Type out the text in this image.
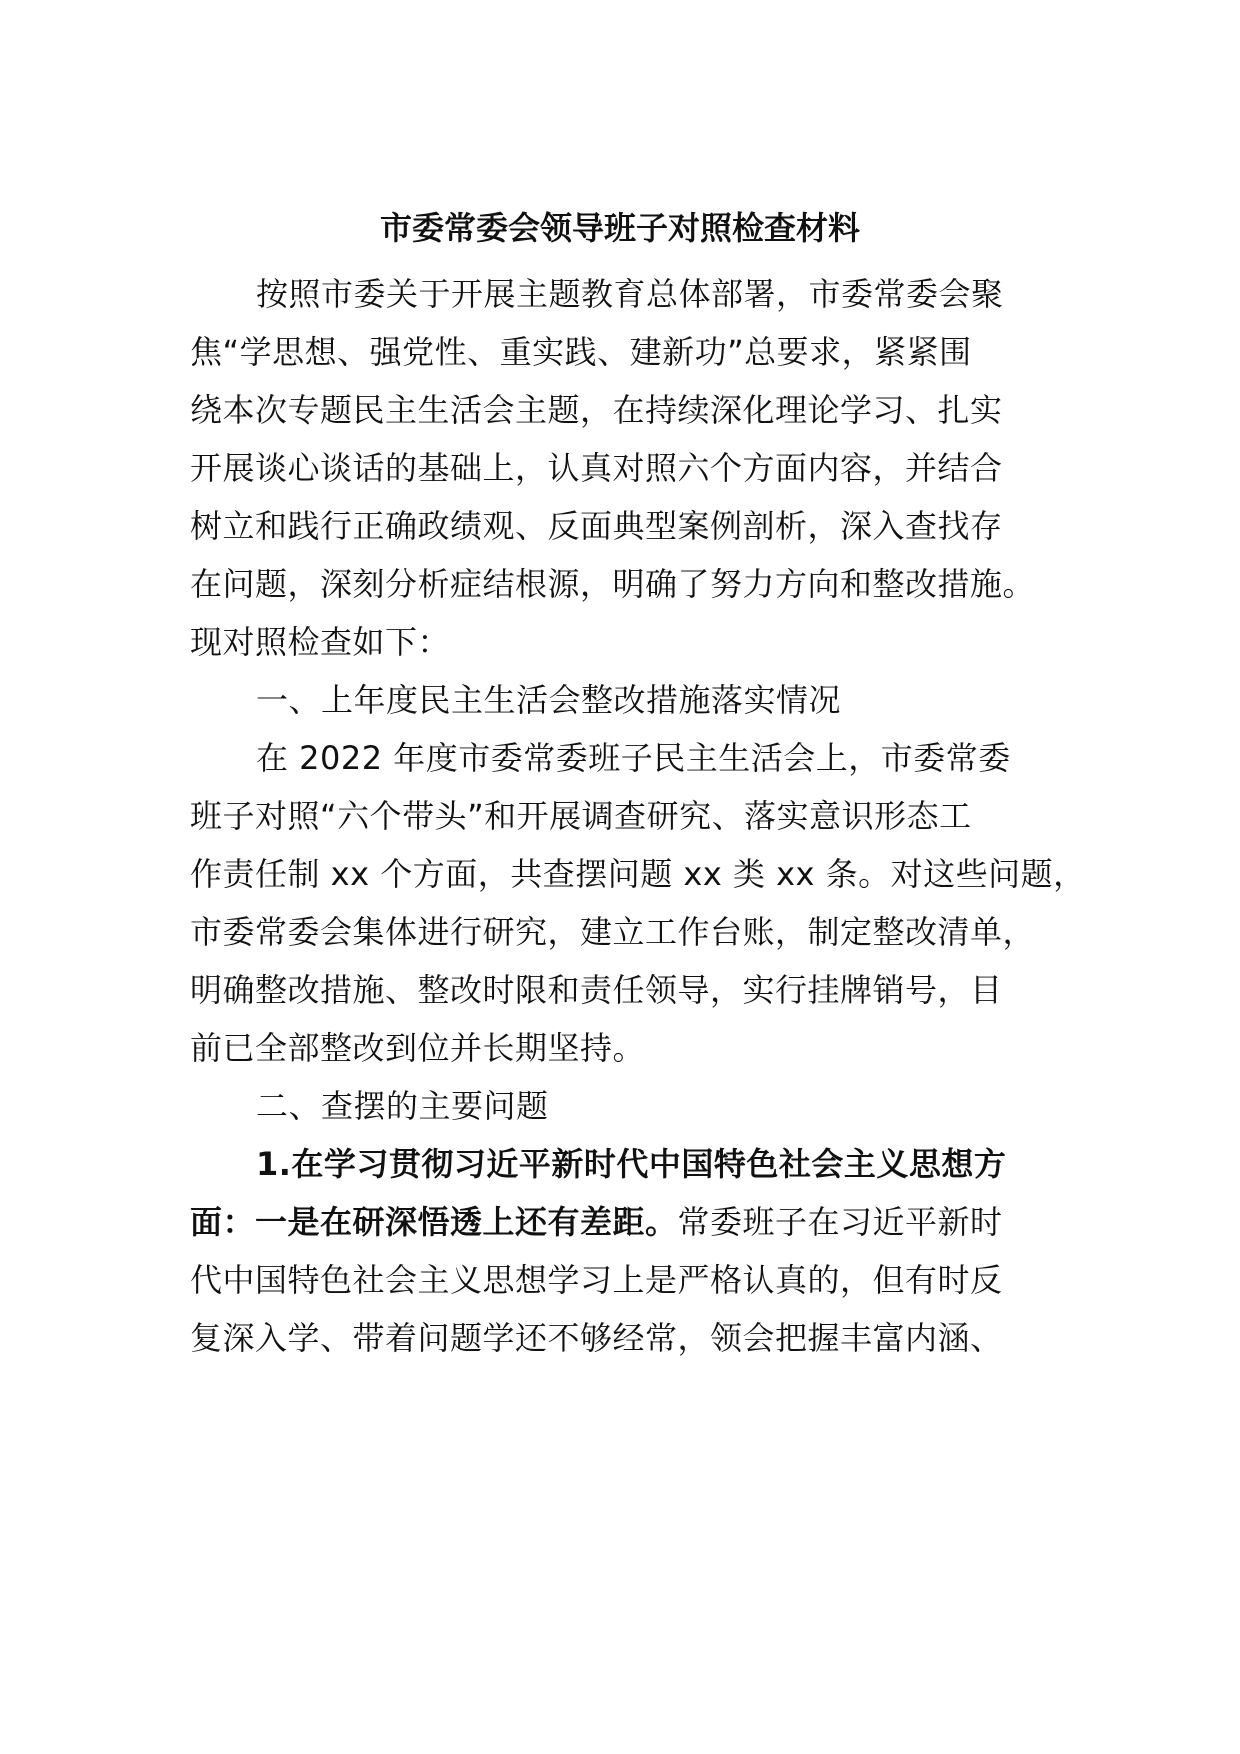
市委常委会领导班子对照检查材料
按照市委关于开展主题教育总体部署，市委常委会聚
焦“学思想、强党性、重实践、建新功”总要求，紧紧围
绕本次专题民主生活会主题，在持续深化理论学习、扎实
开展谈心谈话的基础上，认真对照六个方面内容，并结合
树立和践行正确政绩观、反面典型案例剖析，深入查找存
在问题，深刻分析症结根源，明确了努力方向和整改措施。
现对照检查如下：
一、上年度民主生活会整改措施落实情况
在 2022 年度市委常委班子民主生活会上，市委常委
班子对照“六个带头”和开展调查研究、落实意识形态工
作责任制 xx 个方面，共查摆问题 xx 类 xx 条。对这些问题，
市委常委会集体进行研究，建立工作台账，制定整改清单，
明确整改措施、整改时限和责任领导，实行挂牌销号，目
前已全部整改到位并长期坚持。
二、查摆的主要问题
1.在学习贯彻习近平新时代中国特色社会主义思想方
面：一是在研深悟透上还有差距。常委班子在习近平新时
代中国特色社会主义思想学习上是严格认真的，但有时反
复深入学、带着问题学还不够经常，领会把握丰富内涵、
